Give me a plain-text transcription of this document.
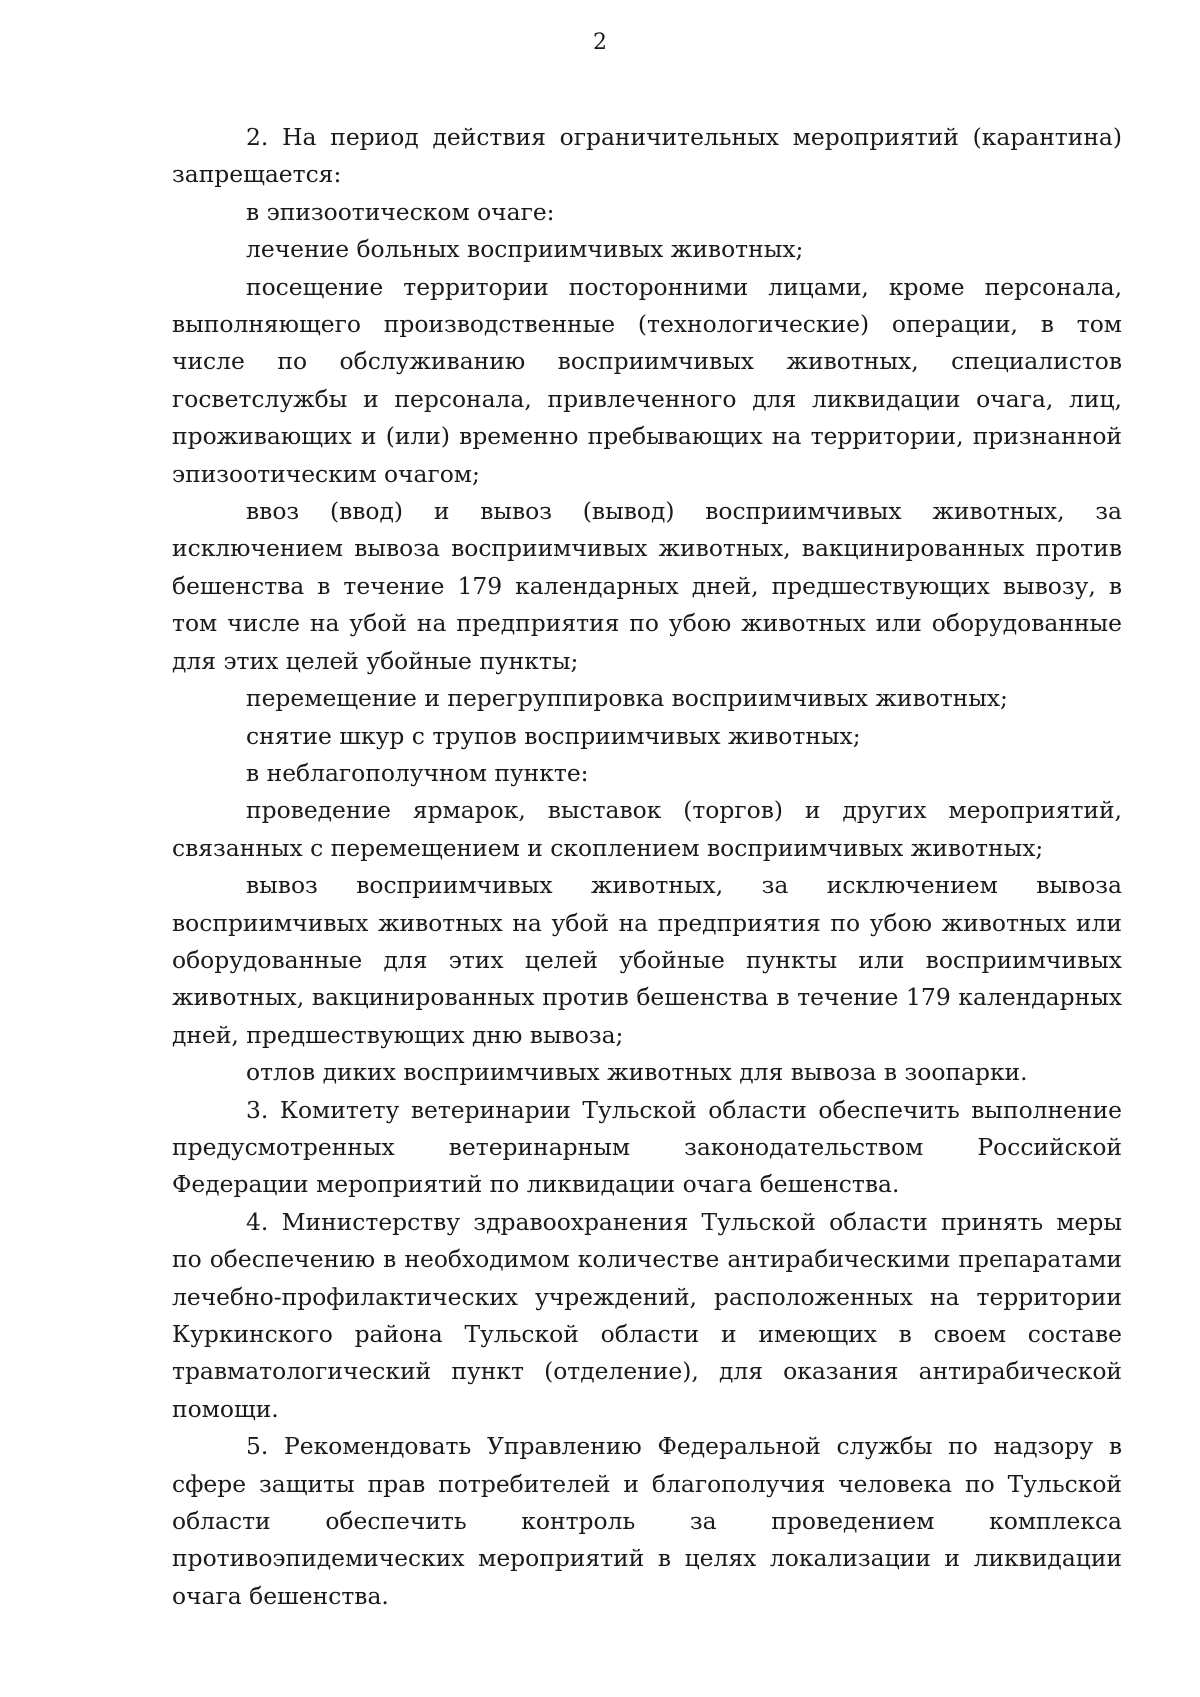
2

2. На период действия ограничительных мероприятий (карантина) запрещается:

в эпизоотическом очаге:

лечение больных восприимчивых животных;

посещение территории посторонними лицами, кроме персонала, выполняющего производственные (технологические) операции, в том числе по обслуживанию восприимчивых животных, специалистов госветслужбы и персонала, привлеченного для ликвидации очага, лиц, проживающих и (или) временно пребывающих на территории, признанной эпизоотическим очагом;

ввоз (ввод) и вывоз (вывод) восприимчивых животных, за исключением вывоза восприимчивых животных, вакцинированных против бешенства в течение 179 календарных дней, предшествующих вывозу, в том числе на убой на предприятия по убою животных или оборудованные для этих целей убойные пункты;

перемещение и перегруппировка восприимчивых животных;

снятие шкур с трупов восприимчивых животных;

в неблагополучном пункте:

проведение ярмарок, выставок (торгов) и других мероприятий, связанных с перемещением и скоплением восприимчивых животных;

вывоз восприимчивых животных, за исключением вывоза восприимчивых животных на убой на предприятия по убою животных или оборудованные для этих целей убойные пункты или восприимчивых животных, вакцинированных против бешенства в течение 179 календарных дней, предшествующих дню вывоза;

отлов диких восприимчивых животных для вывоза в зоопарки.

3. Комитету ветеринарии Тульской области обеспечить выполнение предусмотренных ветеринарным законодательством Российской Федерации мероприятий по ликвидации очага бешенства.

4. Министерству здравоохранения Тульской области принять меры по обеспечению в необходимом количестве антирабическими препаратами лечебно-профилактических учреждений, расположенных на территории Куркинского района Тульской области и имеющих в своем составе травматологический пункт (отделение), для оказания антирабической помощи.

5. Рекомендовать Управлению Федеральной службы по надзору в сфере защиты прав потребителей и благополучия человека по Тульской области обеспечить контроль за проведением комплекса противоэпидемических мероприятий в целях локализации и ликвидации очага бешенства.
